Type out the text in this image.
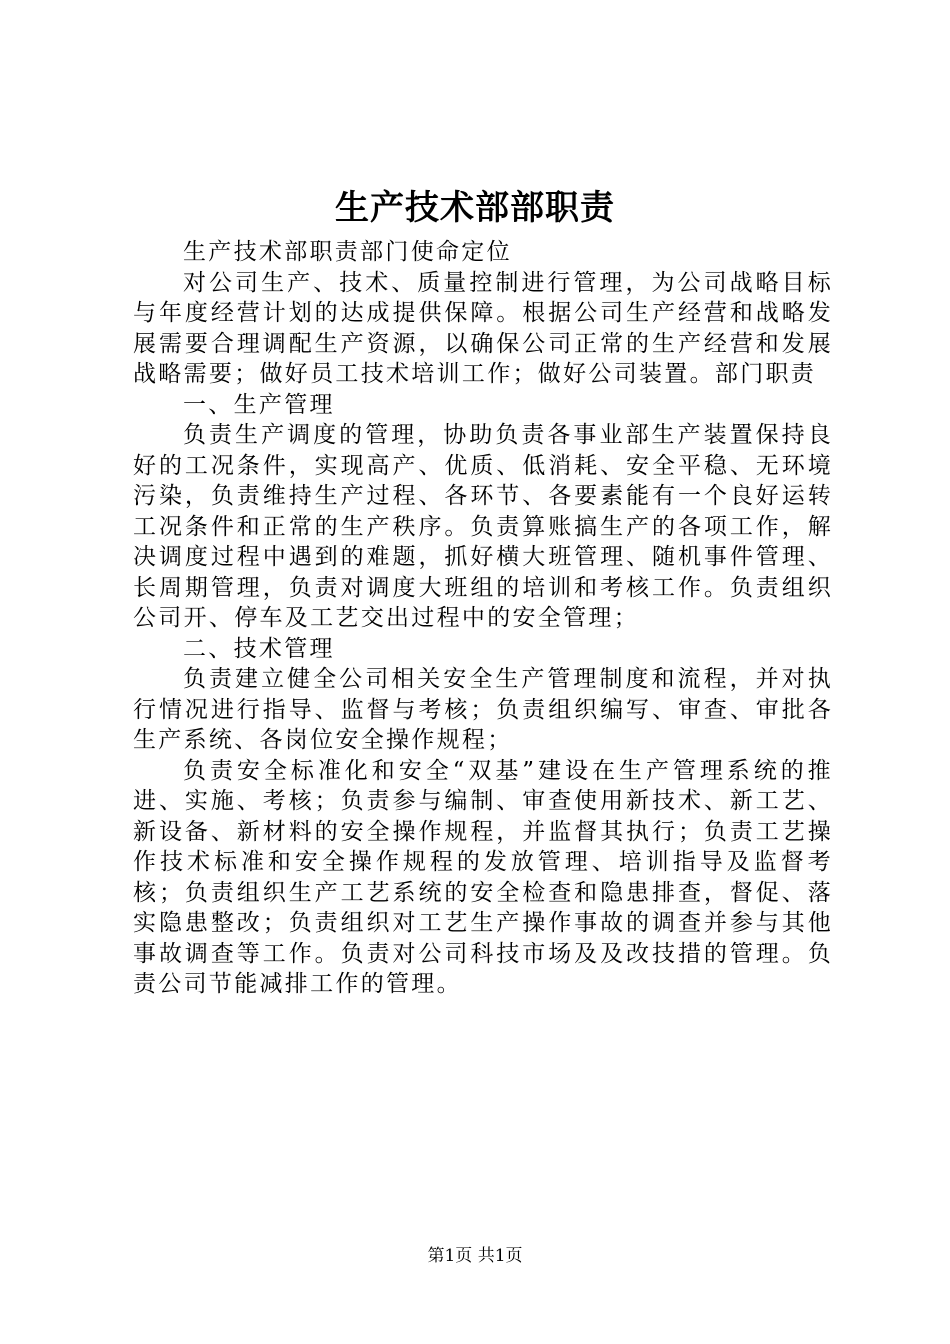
生产技术部部职责

生产技术部职责部门使命定位

对公司生产、技术、质量控制进行管理，为公司战略目标与年度经营计划的达成提供保障。根据公司生产经营和战略发展需要合理调配生产资源，以确保公司正常的生产经营和发展战略需要；做好员工技术培训工作；做好公司装置。部门职责

一、生产管理

负责生产调度的管理，协助负责各事业部生产装置保持良好的工况条件，实现高产、优质、低消耗、安全平稳、无环境污染，负责维持生产过程、各环节、各要素能有一个良好运转工况条件和正常的生产秩序。负责算账搞生产的各项工作，解决调度过程中遇到的难题，抓好横大班管理、随机事件管理、长周期管理，负责对调度大班组的培训和考核工作。负责组织公司开、停车及工艺交出过程中的安全管理；

二、技术管理

负责建立健全公司相关安全生产管理制度和流程，并对执行情况进行指导、监督与考核；负责组织编写、审查、审批各生产系统、各岗位安全操作规程；

负责安全标准化和安全“双基”建设在生产管理系统的推进、实施、考核；负责参与编制、审查使用新技术、新工艺、新设备、新材料的安全操作规程，并监督其执行；负责工艺操作技术标准和安全操作规程的发放管理、培训指导及监督考核；负责组织生产工艺系统的安全检查和隐患排查，督促、落实隐患整改；负责组织对工艺生产操作事故的调查并参与其他事故调查等工作。负责对公司科技市场及及改技措的管理。负责公司节能减排工作的管理。

第1页 共1页
